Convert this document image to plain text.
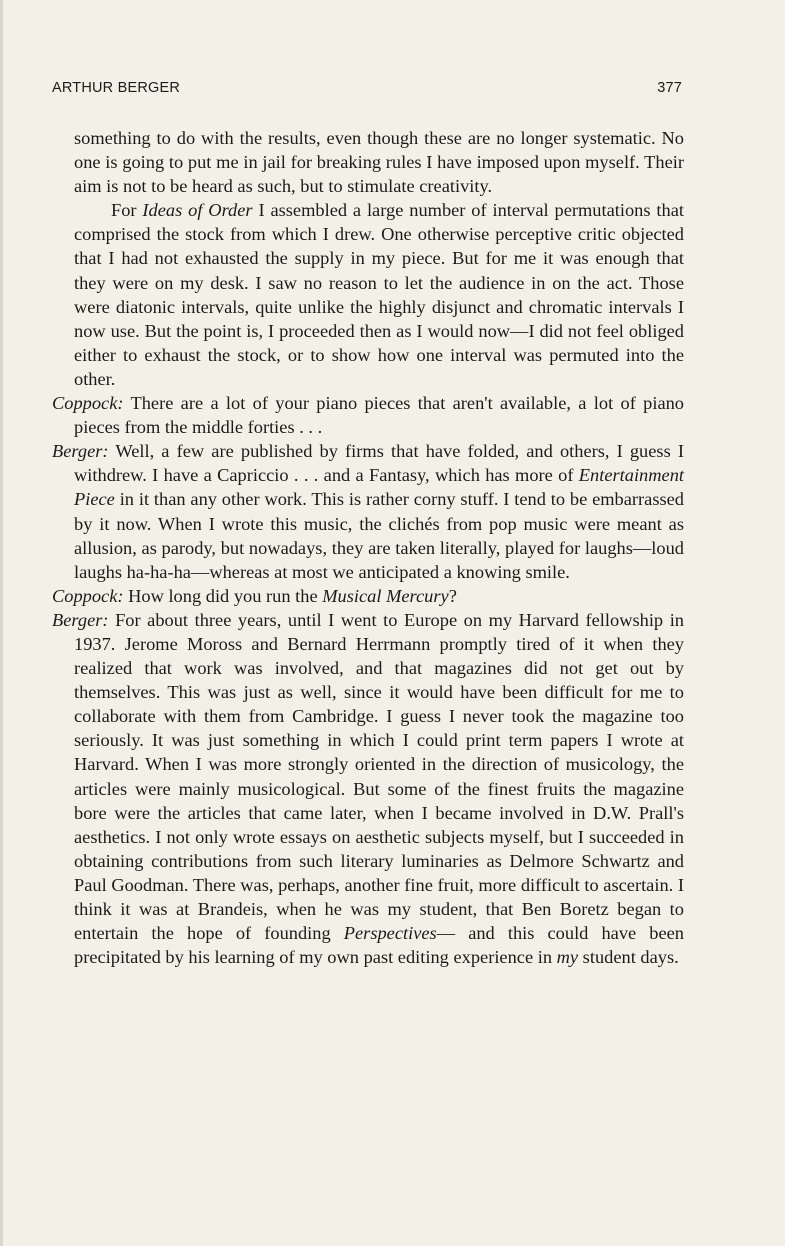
ARTHUR BERGER	377

something to do with the results, even though these are no longer systematic. No one is going to put me in jail for breaking rules I have imposed upon myself. Their aim is not to be heard as such, but to stimulate creativity.

For Ideas of Order I assembled a large number of interval permutations that comprised the stock from which I drew. One otherwise perceptive critic objected that I had not exhausted the supply in my piece. But for me it was enough that they were on my desk. I saw no reason to let the audience in on the act. Those were diatonic intervals, quite unlike the highly disjunct and chromatic intervals I now use. But the point is, I proceeded then as I would now—I did not feel obliged either to exhaust the stock, or to show how one interval was permuted into the other.

Coppock: There are a lot of your piano pieces that aren't available, a lot of piano pieces from the middle forties . . .

Berger: Well, a few are published by firms that have folded, and others, I guess I withdrew. I have a Capriccio . . . and a Fantasy, which has more of Entertainment Piece in it than any other work. This is rather corny stuff. I tend to be embarrassed by it now. When I wrote this music, the clichés from pop music were meant as allusion, as parody, but nowadays, they are taken literally, played for laughs—loud laughs ha-ha-ha—whereas at most we anticipated a knowing smile.

Coppock: How long did you run the Musical Mercury?

Berger: For about three years, until I went to Europe on my Harvard fellowship in 1937. Jerome Moross and Bernard Herrmann promptly tired of it when they realized that work was involved, and that magazines did not get out by themselves. This was just as well, since it would have been difficult for me to collaborate with them from Cambridge. I guess I never took the magazine too seriously. It was just something in which I could print term papers I wrote at Harvard. When I was more strongly oriented in the direction of musicology, the articles were mainly musicological. But some of the finest fruits the magazine bore were the articles that came later, when I became involved in D.W. Prall's aesthetics. I not only wrote essays on aesthetic subjects myself, but I succeeded in obtaining contributions from such literary luminaries as Delmore Schwartz and Paul Goodman. There was, perhaps, another fine fruit, more difficult to ascertain. I think it was at Brandeis, when he was my student, that Ben Boretz began to entertain the hope of founding Perspectives— and this could have been precipitated by his learning of my own past editing experience in my student days.
